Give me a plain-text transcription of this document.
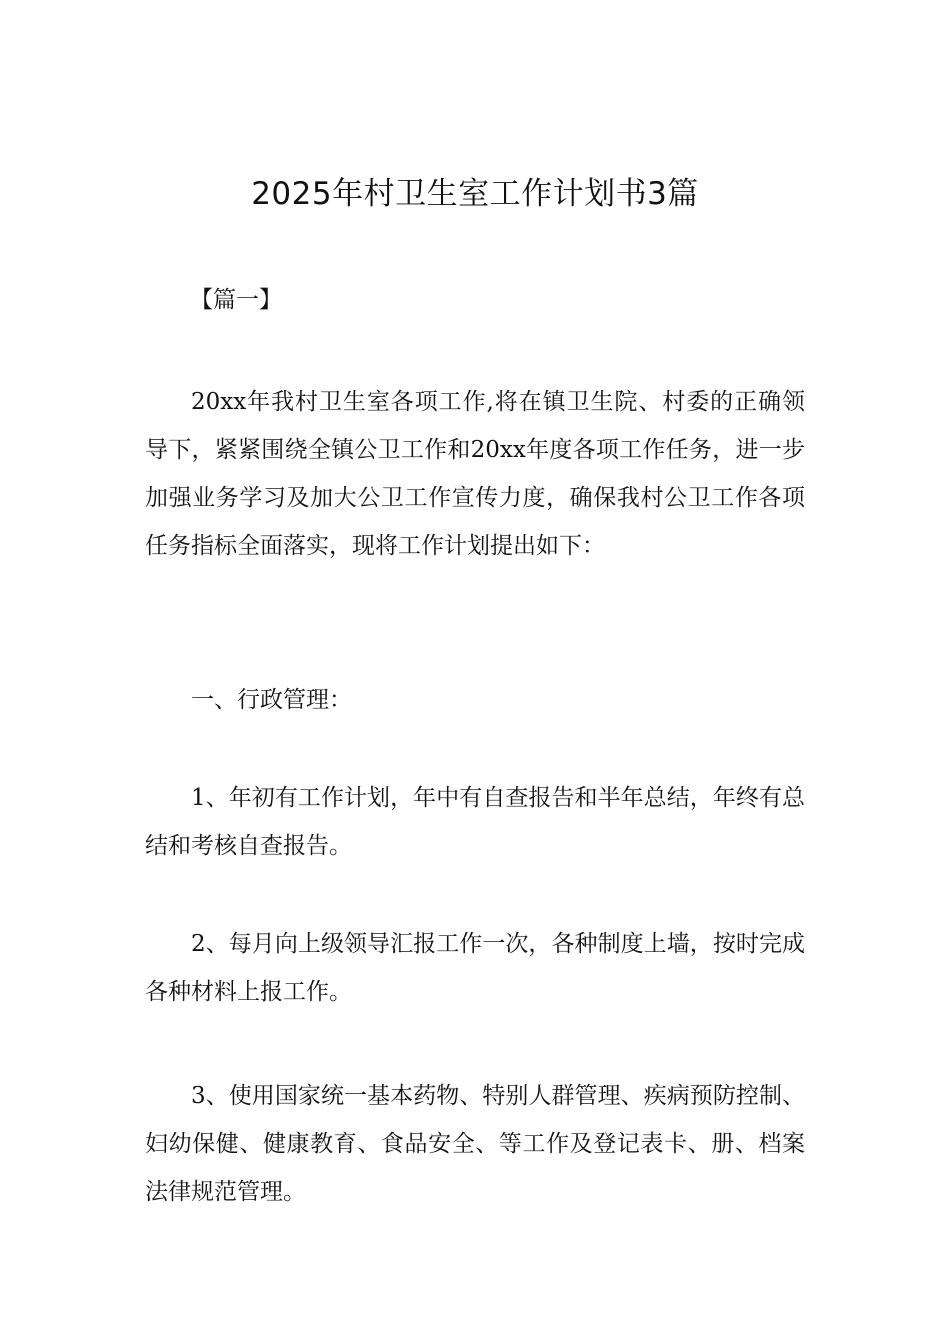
2025年村卫生室工作计划书3篇

【篇一】

20xx年我村卫生室各项工作,将在镇卫生院、村委的正确领导下，紧紧围绕全镇公卫工作和20xx年度各项工作任务，进一步加强业务学习及加大公卫工作宣传力度，确保我村公卫工作各项任务指标全面落实，现将工作计划提出如下：

一、行政管理：

1、年初有工作计划，年中有自查报告和半年总结，年终有总结和考核自查报告。

2、每月向上级领导汇报工作一次，各种制度上墙，按时完成各种材料上报工作。

3、使用国家统一基本药物、特别人群管理、疾病预防控制、妇幼保健、健康教育、食品安全、等工作及登记表卡、册、档案法律规范管理。
